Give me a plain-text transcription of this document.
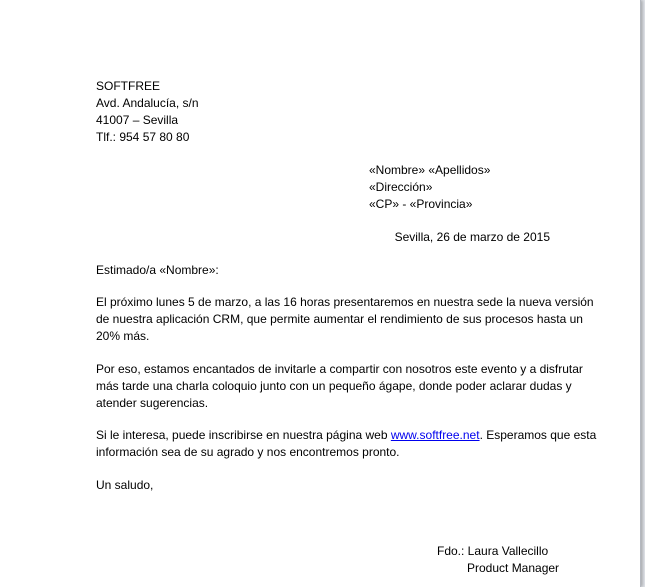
SOFTFREE
Avd. Andalucía, s/n
41007 – Sevilla
Tlf.: 954 57 80 80
«Nombre» «Apellidos»
«Dirección»
«CP» - «Provincia»
Sevilla, 26 de marzo de 2015
Estimado/a «Nombre»:
El próximo lunes 5 de marzo, a las 16 horas presentaremos en nuestra sede la nueva versión
de nuestra aplicación CRM, que permite aumentar el rendimiento de sus procesos hasta un
20% más.
Por eso, estamos encantados de invitarle a compartir con nosotros este evento y a disfrutar
más tarde una charla coloquio junto con un pequeño ágape, donde poder aclarar dudas y
atender sugerencias.
Si le interesa, puede inscribirse en nuestra página web www.softfree.net. Esperamos que esta
información sea de su agrado y nos encontremos pronto.
Un saludo,
Fdo.: Laura Vallecillo
Product Manager
